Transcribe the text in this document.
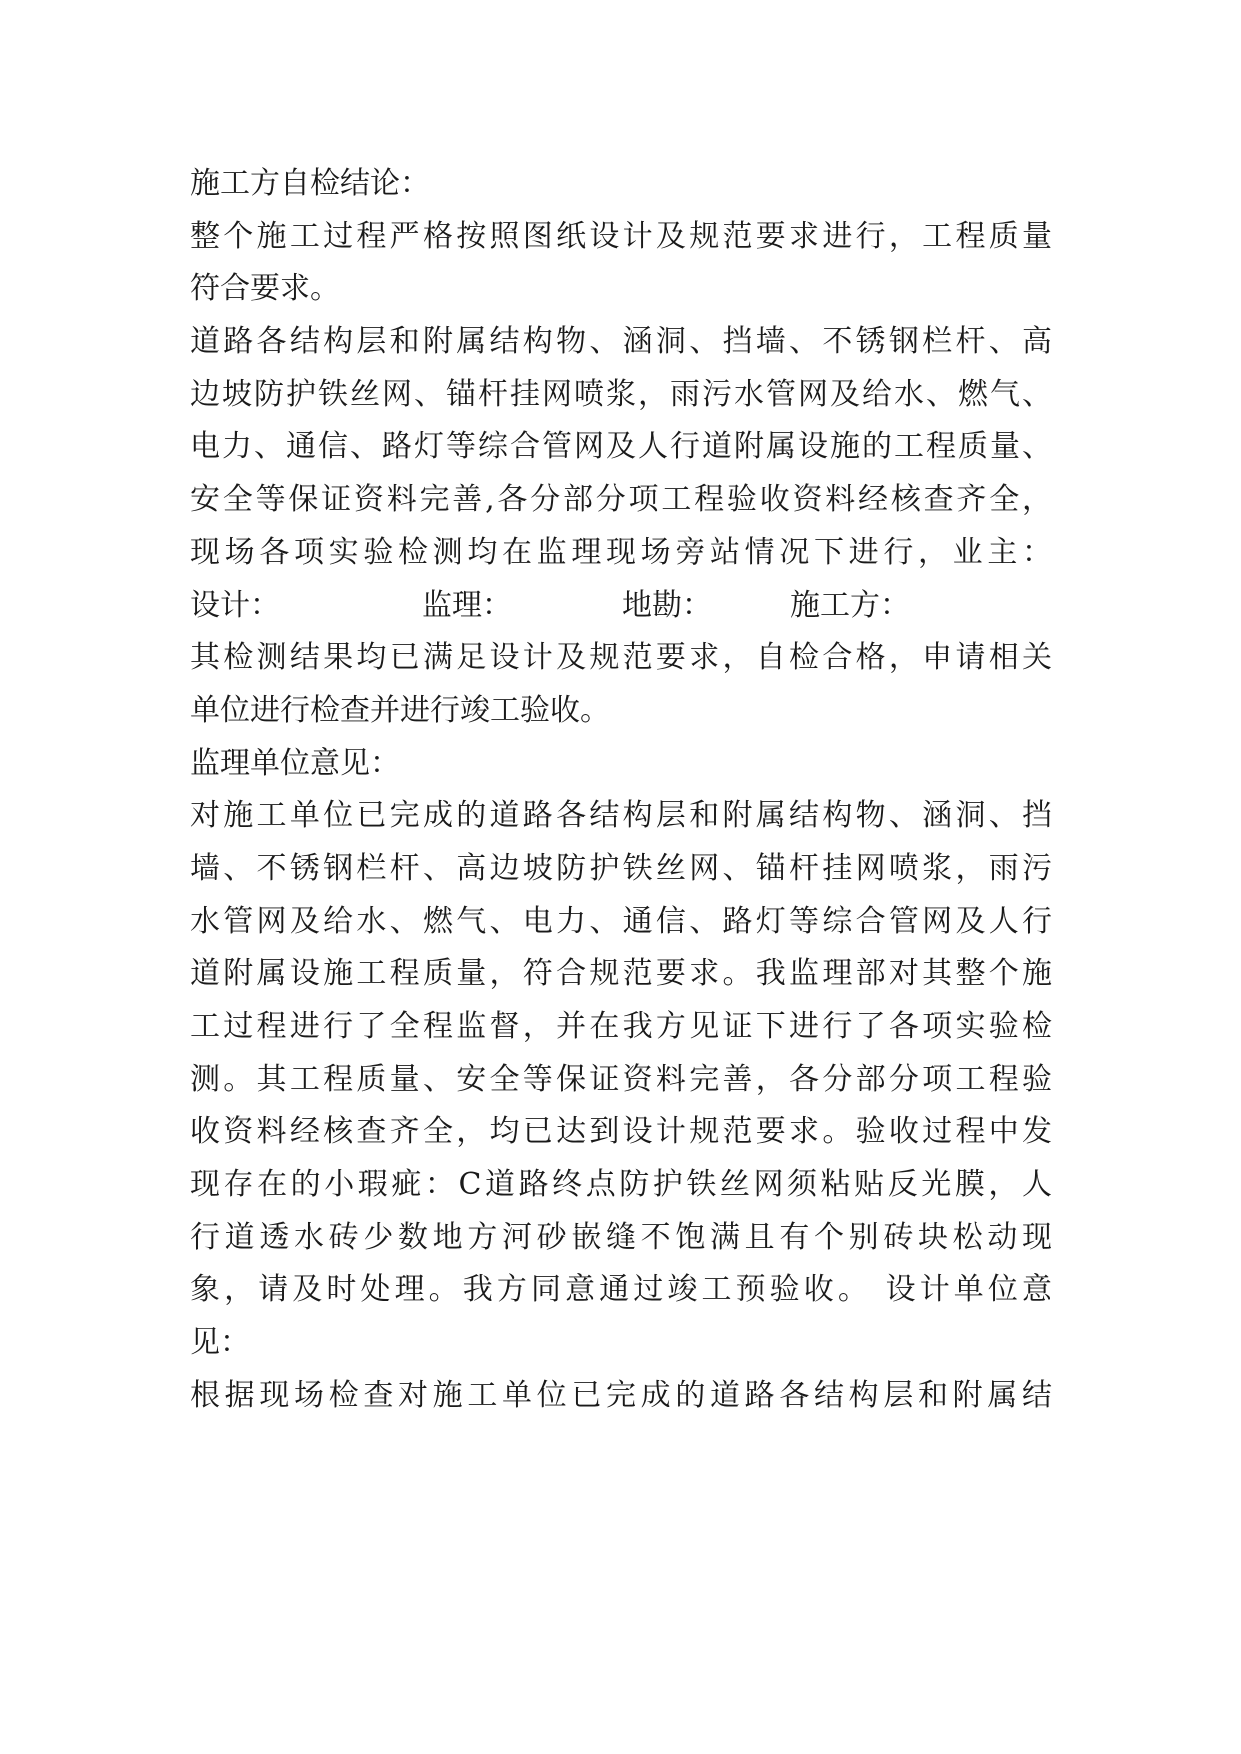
施工方自检结论：
整个施工过程严格按照图纸设计及规范要求进行，工程质量
符合要求。
道路各结构层和附属结构物、涵洞、挡墙、不锈钢栏杆、高
边坡防护铁丝网、锚杆挂网喷浆，雨污水管网及给水、燃气、
电力、通信、路灯等综合管网及人行道附属设施的工程质量、
安全等保证资料完善,各分部分项工程验收资料经核查齐全，
现场各项实验检测均在监理现场旁站情况下进行，业主：
设计：	监理：	地勘：	施工方：
其检测结果均已满足设计及规范要求，自检合格，申请相关
单位进行检查并进行竣工验收。
监理单位意见：
对施工单位已完成的道路各结构层和附属结构物、涵洞、挡
墙、不锈钢栏杆、高边坡防护铁丝网、锚杆挂网喷浆，雨污
水管网及给水、燃气、电力、通信、路灯等综合管网及人行
道附属设施工程质量，符合规范要求。我监理部对其整个施
工过程进行了全程监督，并在我方见证下进行了各项实验检
测。其工程质量、安全等保证资料完善，各分部分项工程验
收资料经核查齐全，均已达到设计规范要求。验收过程中发
现存在的小瑕疵：C道路终点防护铁丝网须粘贴反光膜，人
行道透水砖少数地方河砂嵌缝不饱满且有个别砖块松动现
象，请及时处理。我方同意通过竣工预验收。 设计单位意
见：
根据现场检查对施工单位已完成的道路各结构层和附属结
